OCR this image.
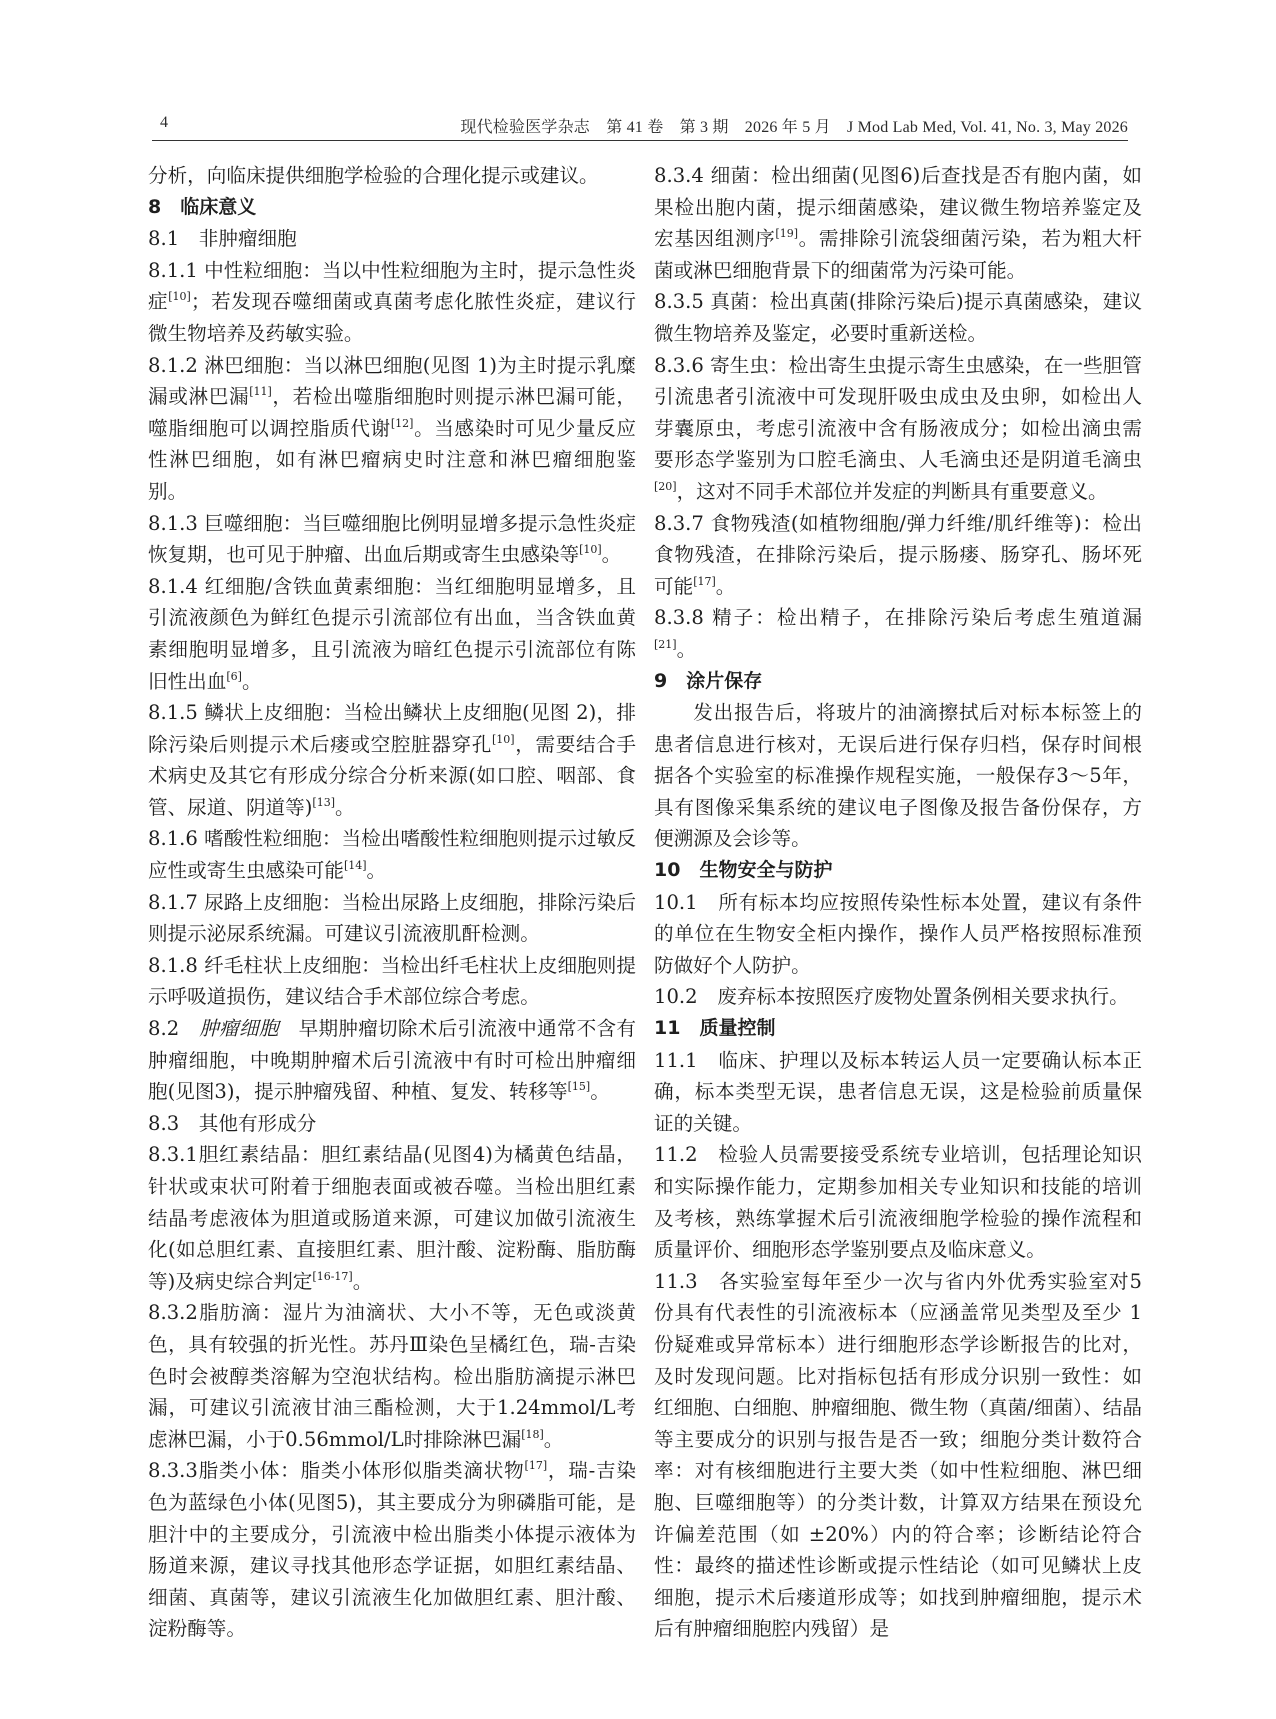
4	现代检验医学杂志　第 41 卷　第 3 期　2026 年 5 月　J Mod Lab Med, Vol. 41, No. 3, May 2026

分析，向临床提供细胞学检验的合理化提示或建议。

8　临床意义

8.1　非肿瘤细胞

8.1.1 中性粒细胞：当以中性粒细胞为主时，提示急性炎症[10]；若发现吞噬细菌或真菌考虑化脓性炎症，建议行微生物培养及药敏实验。

8.1.2 淋巴细胞：当以淋巴细胞(见图 1)为主时提示乳糜漏或淋巴漏[11]，若检出噬脂细胞时则提示淋巴漏可能，噬脂细胞可以调控脂质代谢[12]。当感染时可见少量反应性淋巴细胞，如有淋巴瘤病史时注意和淋巴瘤细胞鉴别。

8.1.3 巨噬细胞：当巨噬细胞比例明显增多提示急性炎症恢复期，也可见于肿瘤、出血后期或寄生虫感染等[10]。

8.1.4 红细胞/含铁血黄素细胞：当红细胞明显增多，且引流液颜色为鲜红色提示引流部位有出血，当含铁血黄素细胞明显增多，且引流液为暗红色提示引流部位有陈旧性出血[6]。

8.1.5 鳞状上皮细胞：当检出鳞状上皮细胞(见图 2)，排除污染后则提示术后瘘或空腔脏器穿孔[10]，需要结合手术病史及其它有形成分综合分析来源(如口腔、咽部、食管、尿道、阴道等)[13]。

8.1.6 嗜酸性粒细胞：当检出嗜酸性粒细胞则提示过敏反应性或寄生虫感染可能[14]。

8.1.7 尿路上皮细胞：当检出尿路上皮细胞，排除污染后则提示泌尿系统漏。可建议引流液肌酐检测。

8.1.8 纤毛柱状上皮细胞：当检出纤毛柱状上皮细胞则提示呼吸道损伤，建议结合手术部位综合考虑。

8.2　肿瘤细胞　早期肿瘤切除术后引流液中通常不含有肿瘤细胞，中晚期肿瘤术后引流液中有时可检出肿瘤细胞(见图3)，提示肿瘤残留、种植、复发、转移等[15]。

8.3　其他有形成分

8.3.1胆红素结晶：胆红素结晶(见图4)为橘黄色结晶，针状或束状可附着于细胞表面或被吞噬。当检出胆红素结晶考虑液体为胆道或肠道来源，可建议加做引流液生化(如总胆红素、直接胆红素、胆汁酸、淀粉酶、脂肪酶等)及病史综合判定[16-17]。

8.3.2脂肪滴：湿片为油滴状、大小不等，无色或淡黄色，具有较强的折光性。苏丹Ⅲ染色呈橘红色，瑞-吉染色时会被醇类溶解为空泡状结构。检出脂肪滴提示淋巴漏，可建议引流液甘油三酯检测，大于1.24mmol/L考虑淋巴漏，小于0.56mmol/L时排除淋巴漏[18]。

8.3.3脂类小体：脂类小体形似脂类滴状物[17]，瑞-吉染色为蓝绿色小体(见图5)，其主要成分为卵磷脂可能，是胆汁中的主要成分，引流液中检出脂类小体提示液体为肠道来源，建议寻找其他形态学证据，如胆红素结晶、细菌、真菌等，建议引流液生化加做胆红素、胆汁酸、淀粉酶等。

8.3.4 细菌：检出细菌(见图6)后查找是否有胞内菌，如果检出胞内菌，提示细菌感染，建议微生物培养鉴定及宏基因组测序[19]。需排除引流袋细菌污染，若为粗大杆菌或淋巴细胞背景下的细菌常为污染可能。

8.3.5 真菌：检出真菌(排除污染后)提示真菌感染，建议微生物培养及鉴定，必要时重新送检。

8.3.6 寄生虫：检出寄生虫提示寄生虫感染，在一些胆管引流患者引流液中可发现肝吸虫成虫及虫卵，如检出人芽囊原虫，考虑引流液中含有肠液成分；如检出滴虫需要形态学鉴别为口腔毛滴虫、人毛滴虫还是阴道毛滴虫[20]，这对不同手术部位并发症的判断具有重要意义。

8.3.7 食物残渣(如植物细胞/弹力纤维/肌纤维等)：检出食物残渣，在排除污染后，提示肠瘘、肠穿孔、肠坏死可能[17]。

8.3.8 精子：检出精子，在排除污染后考虑生殖道漏[21]。

9　涂片保存

发出报告后，将玻片的油滴擦拭后对标本标签上的患者信息进行核对，无误后进行保存归档，保存时间根据各个实验室的标准操作规程实施，一般保存3～5年，具有图像采集系统的建议电子图像及报告备份保存，方便溯源及会诊等。

10　生物安全与防护

10.1　所有标本均应按照传染性标本处置，建议有条件的单位在生物安全柜内操作，操作人员严格按照标准预防做好个人防护。

10.2　废弃标本按照医疗废物处置条例相关要求执行。

11　质量控制

11.1　临床、护理以及标本转运人员一定要确认标本正确，标本类型无误，患者信息无误，这是检验前质量保证的关键。

11.2　检验人员需要接受系统专业培训，包括理论知识和实际操作能力，定期参加相关专业知识和技能的培训及考核，熟练掌握术后引流液细胞学检验的操作流程和质量评价、细胞形态学鉴别要点及临床意义。

11.3　各实验室每年至少一次与省内外优秀实验室对5 份具有代表性的引流液标本（应涵盖常见类型及至少 1 份疑难或异常标本）进行细胞形态学诊断报告的比对，及时发现问题。比对指标包括有形成分识别一致性：如红细胞、白细胞、肿瘤细胞、微生物（真菌/细菌）、结晶等主要成分的识别与报告是否一致；细胞分类计数符合率：对有核细胞进行主要大类（如中性粒细胞、淋巴细胞、巨噬细胞等）的分类计数，计算双方结果在预设允许偏差范围（如 ±20%）内的符合率；诊断结论符合性：最终的描述性诊断或提示性结论（如可见鳞状上皮细胞，提示术后瘘道形成等；如找到肿瘤细胞，提示术后有肿瘤细胞腔内残留）是
